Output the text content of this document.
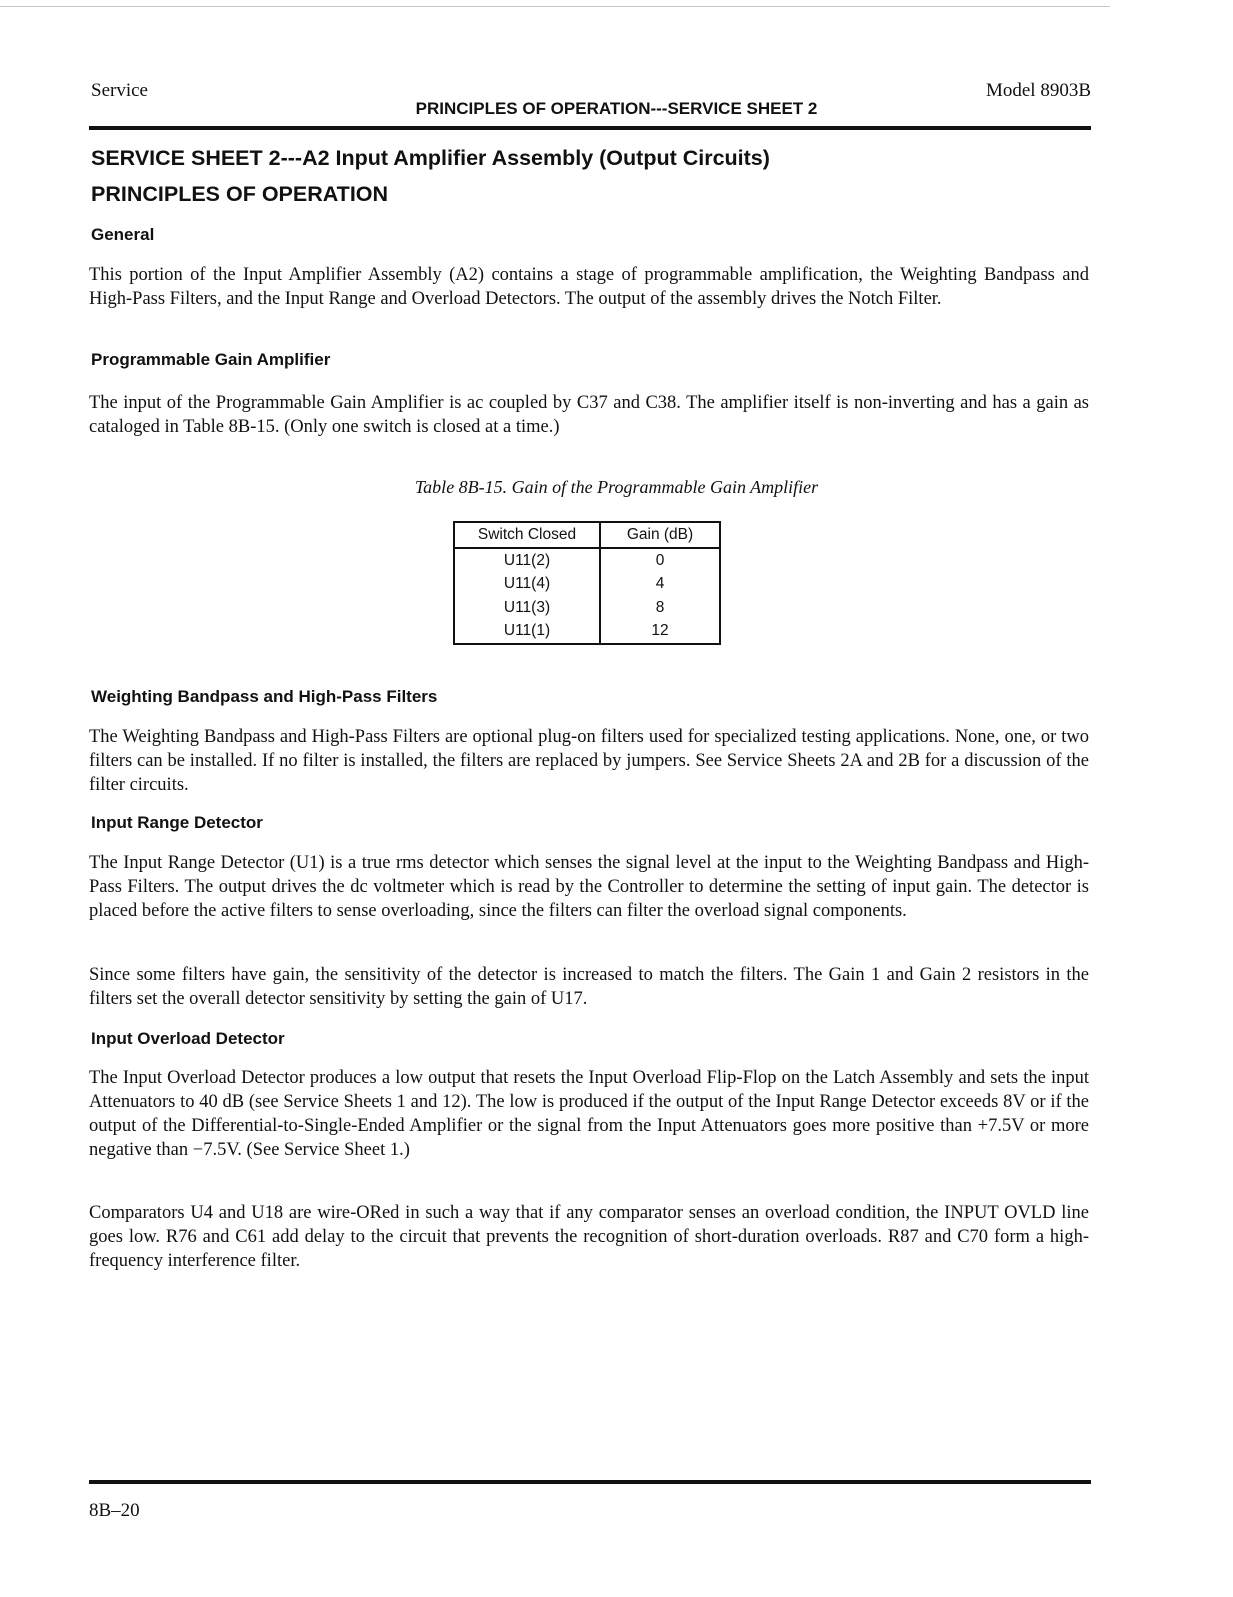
Service
PRINCIPLES OF OPERATION---SERVICE SHEET 2
Model 8903B
SERVICE SHEET 2---A2 Input Amplifier Assembly (Output Circuits)
PRINCIPLES OF OPERATION
General

This portion of the Input Amplifier Assembly (A2) contains a stage of programmable amplification, the Weighting Bandpass and High-Pass Filters, and the Input Range and Overload Detectors. The output of the assembly drives the Notch Filter.

Programmable Gain Amplifier

The input of the Programmable Gain Amplifier is ac coupled by C37 and C38. The amplifier itself is non-inverting and has a gain as cataloged in Table 8B-15. (Only one switch is closed at a time.)

Table 8B-15. Gain of the Programmable Gain Amplifier
Switch Closed	Gain (dB)
U11(2)	0
U11(4)	4
U11(3)	8
U11(1)	12
Weighting Bandpass and High-Pass Filters

The Weighting Bandpass and High-Pass Filters are optional plug-on filters used for specialized testing applications. None, one, or two filters can be installed. If no filter is installed, the filters are replaced by jumpers. See Service Sheets 2A and 2B for a discussion of the filter circuits.

Input Range Detector

The Input Range Detector (U1) is a true rms detector which senses the signal level at the input to the Weighting Bandpass and High-Pass Filters. The output drives the dc voltmeter which is read by the Controller to determine the setting of input gain. The detector is placed before the active filters to sense overloading, since the filters can filter the overload signal components.

Since some filters have gain, the sensitivity of the detector is increased to match the filters. The Gain 1 and Gain 2 resistors in the filters set the overall detector sensitivity by setting the gain of U17.

Input Overload Detector

The Input Overload Detector produces a low output that resets the Input Overload Flip-Flop on the Latch Assembly and sets the input Attenuators to 40 dB (see Service Sheets 1 and 12). The low is produced if the output of the Input Range Detector exceeds 8V or if the output of the Differential-to-Single-Ended Amplifier or the signal from the Input Attenuators goes more positive than +7.5V or more negative than −7.5V. (See Service Sheet 1.)

Comparators U4 and U18 are wire-ORed in such a way that if any comparator senses an overload condition, the INPUT OVLD line goes low. R76 and C61 add delay to the circuit that prevents the recognition of short-duration overloads. R87 and C70 form a high-frequency interference filter.

8B–20
